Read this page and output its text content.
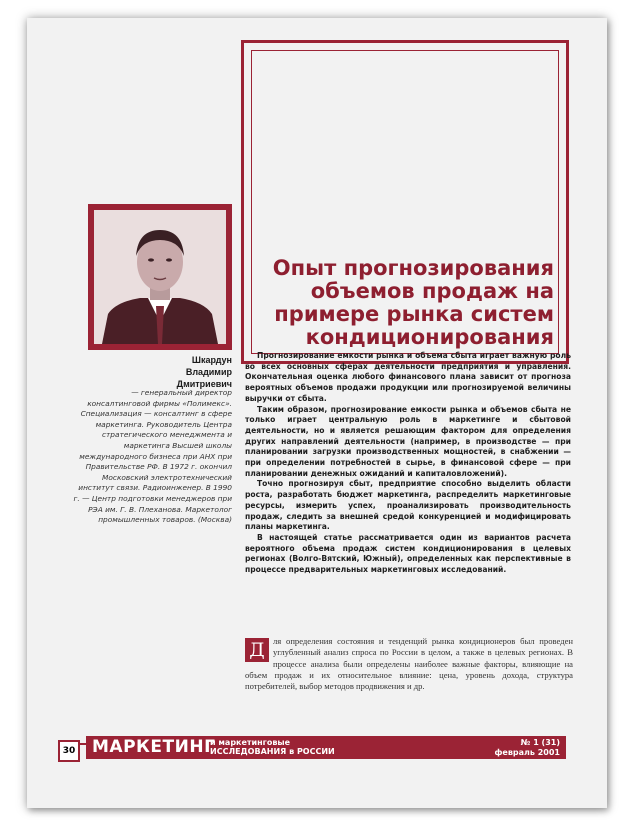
Опыт прогнозирования объемов продаж на примере рынка систем кондиционирования
Шкардун
Владимир
Дмитриевич
— генеральный директор консалтинговой фирмы «Полимекс». Специализация — консалтинг в сфере маркетинга. Руководитель Центра стратегического менеджмента и маркетинга Высшей школы международного бизнеса при АНХ при Правительстве РФ. В 1972 г. окончил Московский электротехнический институт связи. Радиоинженер. В 1990 г. — Центр подготовки менеджеров при РЭА им. Г. В. Плеханова. Маркетолог промышленных товаров. (Москва)

Прогнозирование емкости рынка и объема сбыта играет важную роль во всех основных сферах деятельности предприятия и управления. Окончательная оценка любого финансового плана зависит от прогноза вероятных объемов продажи продукции или прогнозируемой величины выручки от сбыта.

Таким образом, прогнозирование емкости рынка и объемов сбыта не только играет центральную роль в маркетинге и сбытовой деятельности, но и является решающим фактором для определения других направлений деятельности (например, в производстве — при планировании загрузки производственных мощностей, в снабжении — при определении потребностей в сырье, в финансовой сфере — при планировании денежных ожиданий и капиталовложений).

Точно прогнозируя сбыт, предприятие способно выделить области роста, разработать бюджет маркетинга, распределить маркетинговые ресурсы, измерить успех, проанализировать производительность продаж, следить за внешней средой конкуренцией и модифицировать планы маркетинга.

В настоящей статье рассматривается один из вариантов расчета вероятного объема продаж систем кондиционирования в целевых регионах (Волго-Вятский, Южный), определенных как перспективные в процессе предварительных маркетинговых исследований.

Д ля определения состояния и тенденций рынка кондиционеров был проведен углубленный анализ спроса по России в целом, а также в целевых регионах. В процессе анализа были определены наиболее важные факторы, влияющие на объем продаж и их относительное влияние: цена, уровень дохода, структура потребителей, выбор методов продвижения и др.
30 МАРКЕТИНГ
и маркетинговые
ИССЛЕДОВАНИЯ в РОССИИ
№ 1 (31)
февраль 2001
